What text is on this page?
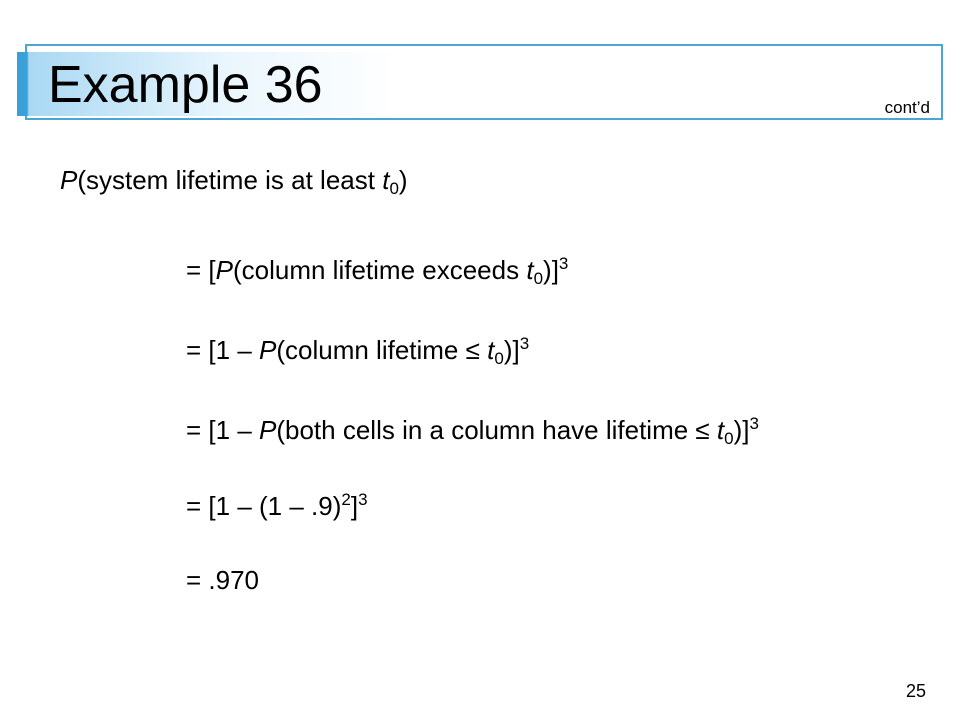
Example 36	cont’d
P(system lifetime is at least $t_0$)
= [P(column lifetime exceeds $t_0)]^3$
= [1 – P(column lifetime ≤ $t_0)]^3$
= [1 – P(both cells in a column have lifetime ≤ $t_0)]^3$
= [1 – (1 – .9)$^2$]$^3$
= .970
25
